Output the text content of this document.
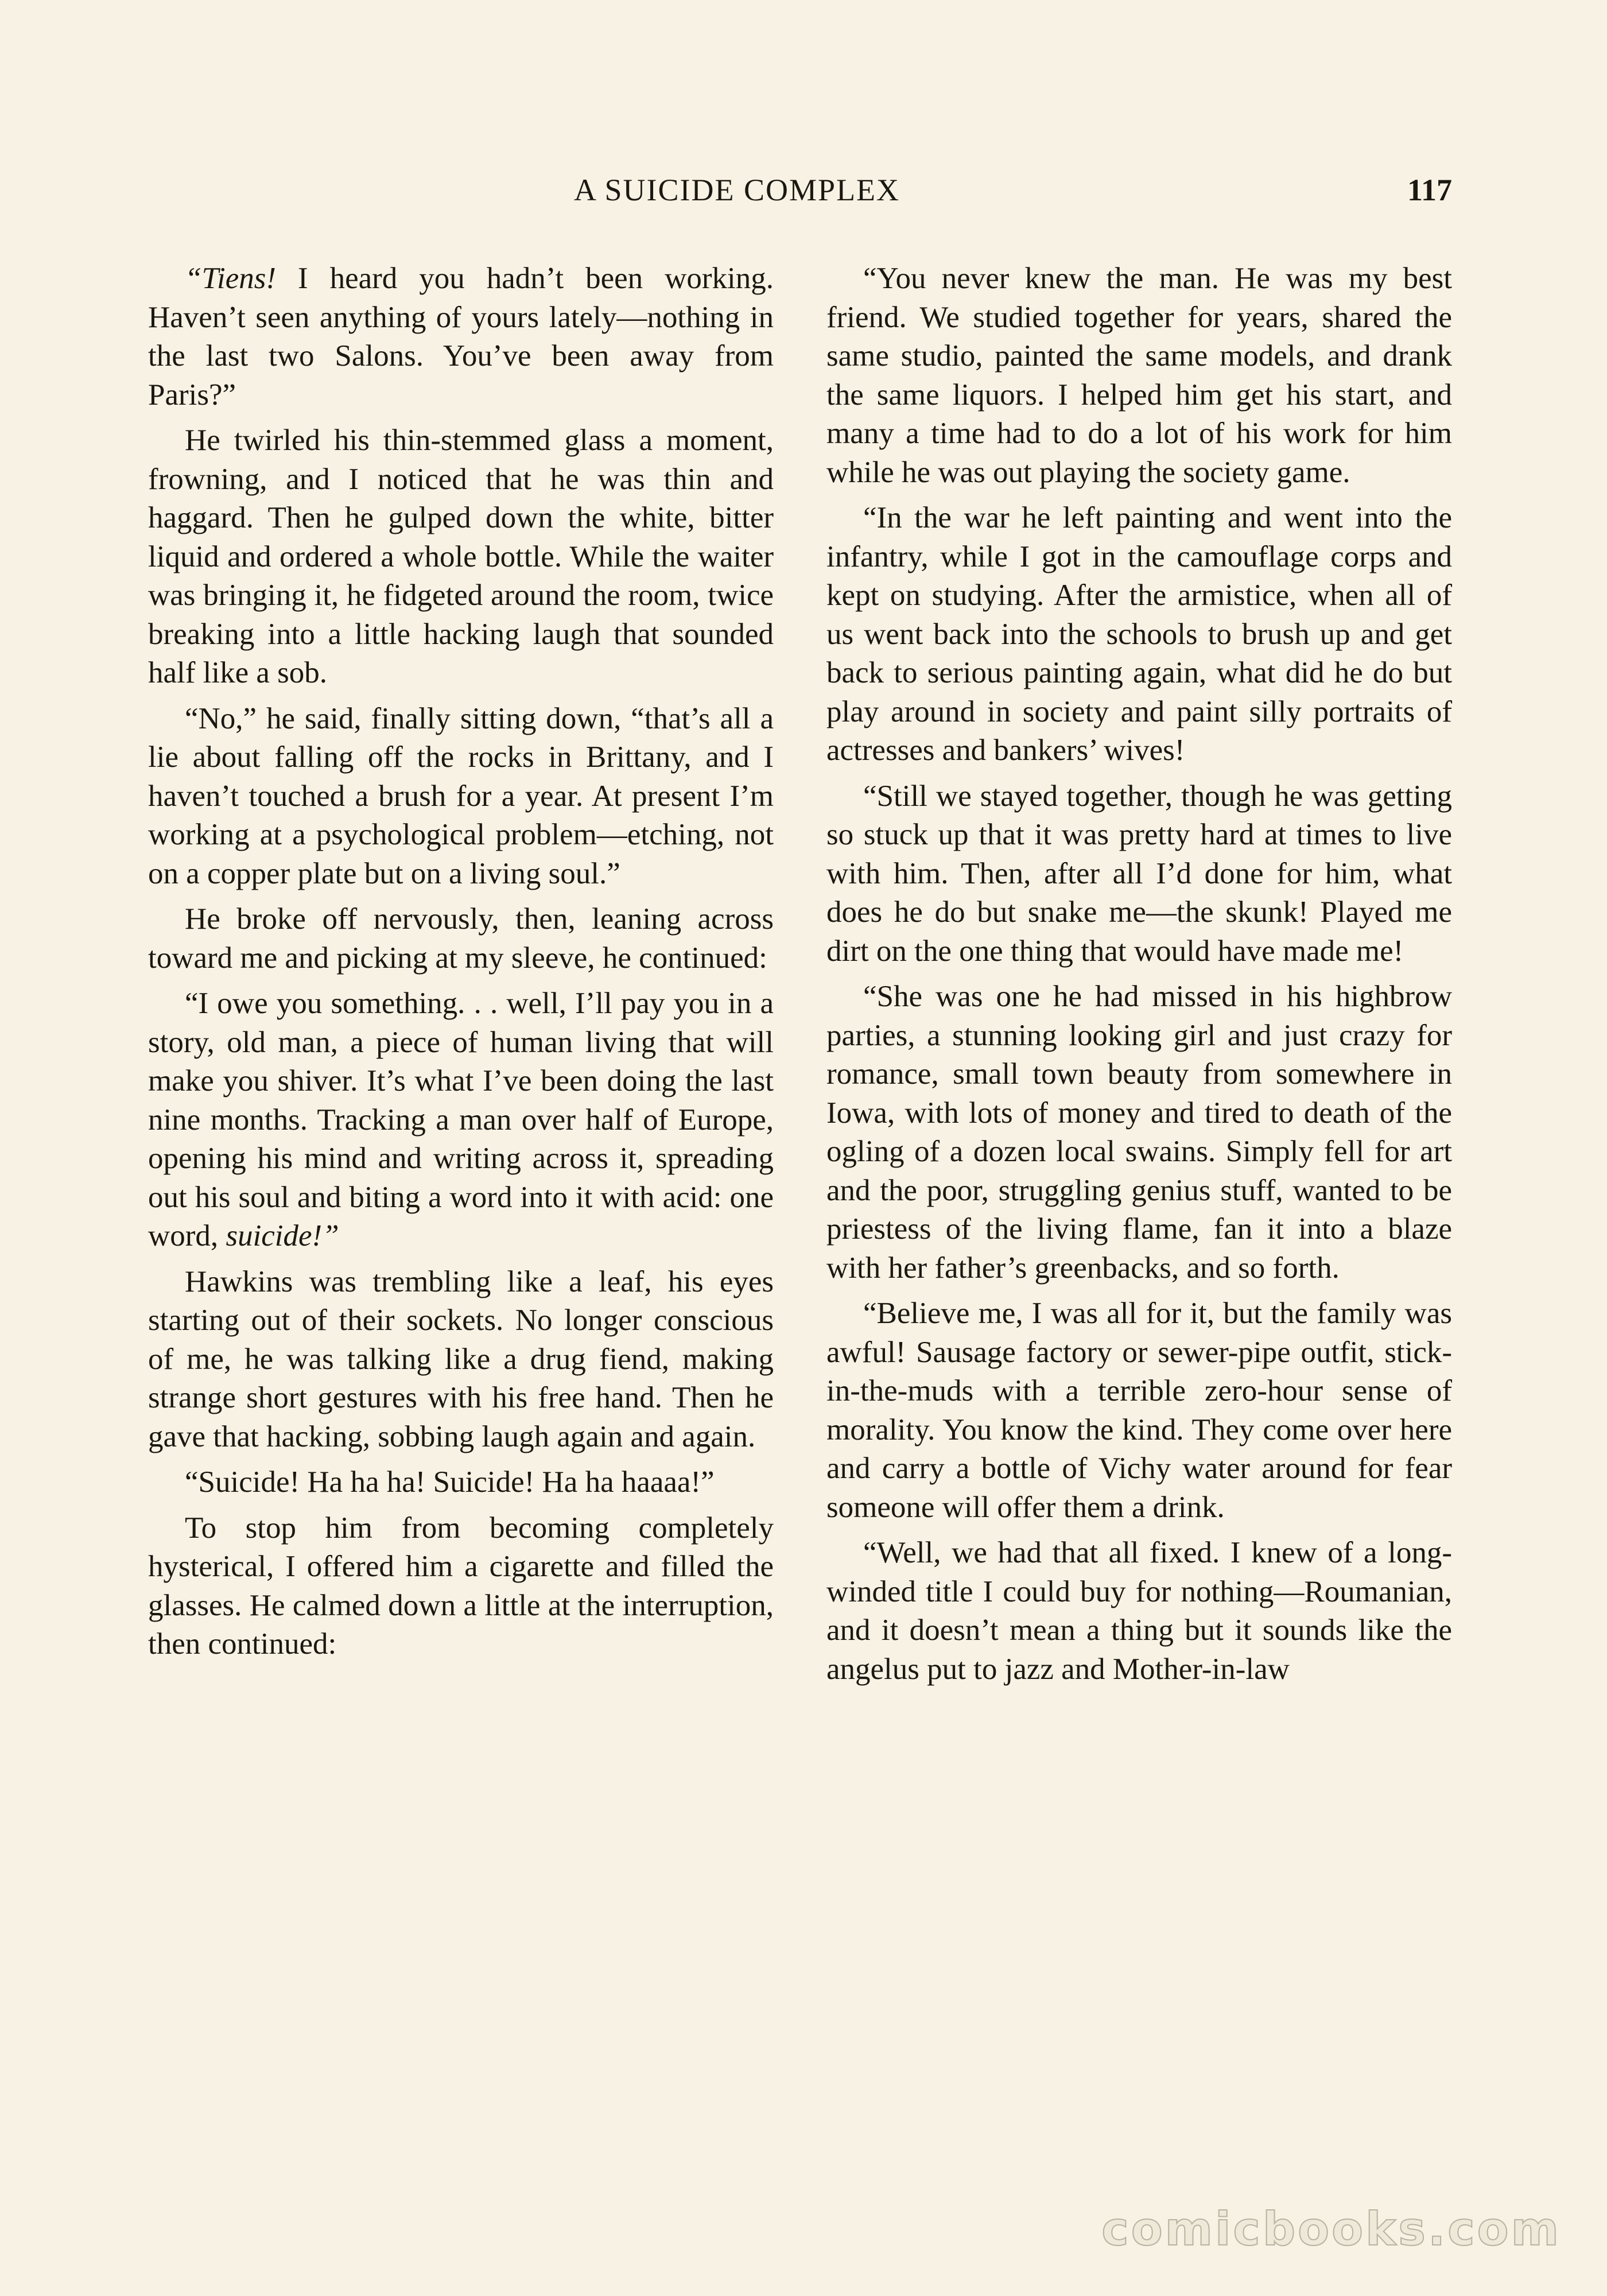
A SUICIDE COMPLEX	117

“Tiens! I heard you hadn’t been working. Haven’t seen anything of yours lately—nothing in the last two Salons. You’ve been away from Paris?”

He twirled his thin-stemmed glass a moment, frowning, and I noticed that he was thin and haggard. Then he gulped down the white, bitter liquid and ordered a whole bottle. While the waiter was bringing it, he fidgeted around the room, twice breaking into a little hacking laugh that sounded half like a sob.

“No,” he said, finally sitting down, “that’s all a lie about falling off the rocks in Brittany, and I haven’t touched a brush for a year. At present I’m working at a psychological problem—etching, not on a copper plate but on a living soul.”

He broke off nervously, then, leaning across toward me and picking at my sleeve, he continued:

“I owe you something. . . well, I’ll pay you in a story, old man, a piece of human living that will make you shiver. It’s what I’ve been doing the last nine months. Tracking a man over half of Europe, opening his mind and writing across it, spreading out his soul and biting a word into it with acid: one word, suicide!”

Hawkins was trembling like a leaf, his eyes starting out of their sockets. No longer conscious of me, he was talking like a drug fiend, making strange short gestures with his free hand. Then he gave that hacking, sobbing laugh again and again.

“Suicide! Ha ha ha! Suicide! Ha ha haaaa!”

To stop him from becoming completely hysterical, I offered him a cigarette and filled the glasses. He calmed down a little at the interruption, then continued:

“You never knew the man. He was my best friend. We studied together for years, shared the same studio, painted the same models, and drank the same liquors. I helped him get his start, and many a time had to do a lot of his work for him while he was out playing the society game.

“In the war he left painting and went into the infantry, while I got in the camouflage corps and kept on studying. After the armistice, when all of us went back into the schools to brush up and get back to serious painting again, what did he do but play around in society and paint silly portraits of actresses and bankers’ wives!

“Still we stayed together, though he was getting so stuck up that it was pretty hard at times to live with him. Then, after all I’d done for him, what does he do but snake me—the skunk! Played me dirt on the one thing that would have made me!

“She was one he had missed in his highbrow parties, a stunning looking girl and just crazy for romance, small town beauty from somewhere in Iowa, with lots of money and tired to death of the ogling of a dozen local swains. Simply fell for art and the poor, struggling genius stuff, wanted to be priestess of the living flame, fan it into a blaze with her father’s greenbacks, and so forth.

“Believe me, I was all for it, but the family was awful! Sausage factory or sewer-pipe outfit, stick-in-the-muds with a terrible zero-hour sense of morality. You know the kind. They come over here and carry a bottle of Vichy water around for fear someone will offer them a drink.

“Well, we had that all fixed. I knew of a long-winded title I could buy for nothing—Roumanian, and it doesn’t mean a thing but it sounds like the angelus put to jazz and Mother-in-law

comicbooks.com
